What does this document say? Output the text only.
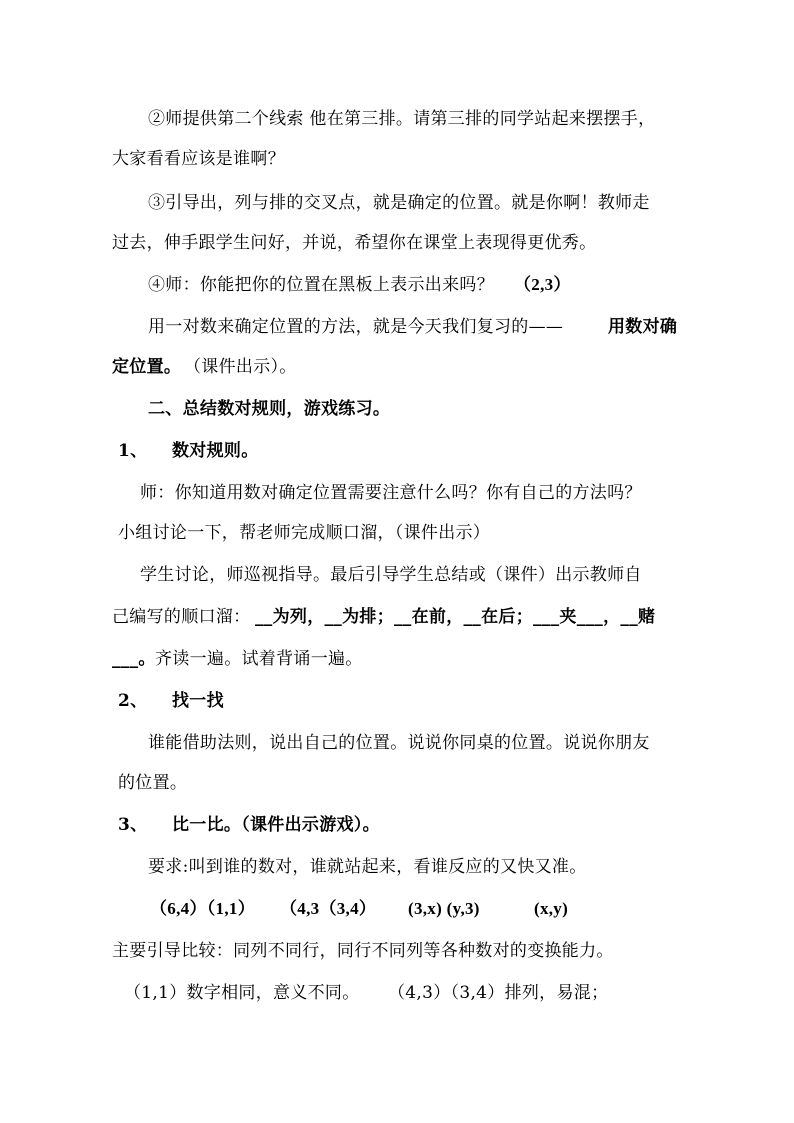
②师提供第二个线索 他在第三排。请第三排的同学站起来摆摆手，
大家看看应该是谁啊？
③引导出，列与排的交叉点，就是确定的位置。就是你啊！教师走
过去，伸手跟学生问好，并说，希望你在课堂上表现得更优秀。
④师：你能把你的位置在黑板上表示出来吗？ （2,3）
用一对数来确定位置的方法，就是今天我们复习的——	用数对确
定位置。 （课件出示）。
二、总结数对规则，游戏练习。
1、 数对规则。
师：你知道用数对确定位置需要注意什么吗？你有自己的方法吗？
小组讨论一下，帮老师完成顺口溜，（课件出示）
学生讨论，师巡视指导。最后引导学生总结或（课件）出示教师自
己编写的顺口溜： __为列，__为排；__在前，__在后；___夹___，__赌
___。 齐读一遍。试着背诵一遍。
2、 找一找
谁能借助法则，说出自己的位置。说说你同桌的位置。说说你朋友
的位置。
3、 比一比。（课件出示游戏）。
要求:叫到谁的数对，谁就站起来，看谁反应的又快又准。
（6,4）（1,1） （4,3（3,4） (3,x) (y,3)	(x,y)
主要引导比较：同列不同行，同行不同列等各种数对的变换能力。
（1,1）数字相同，意义不同。 （4,3）（3,4）排列，易混；
